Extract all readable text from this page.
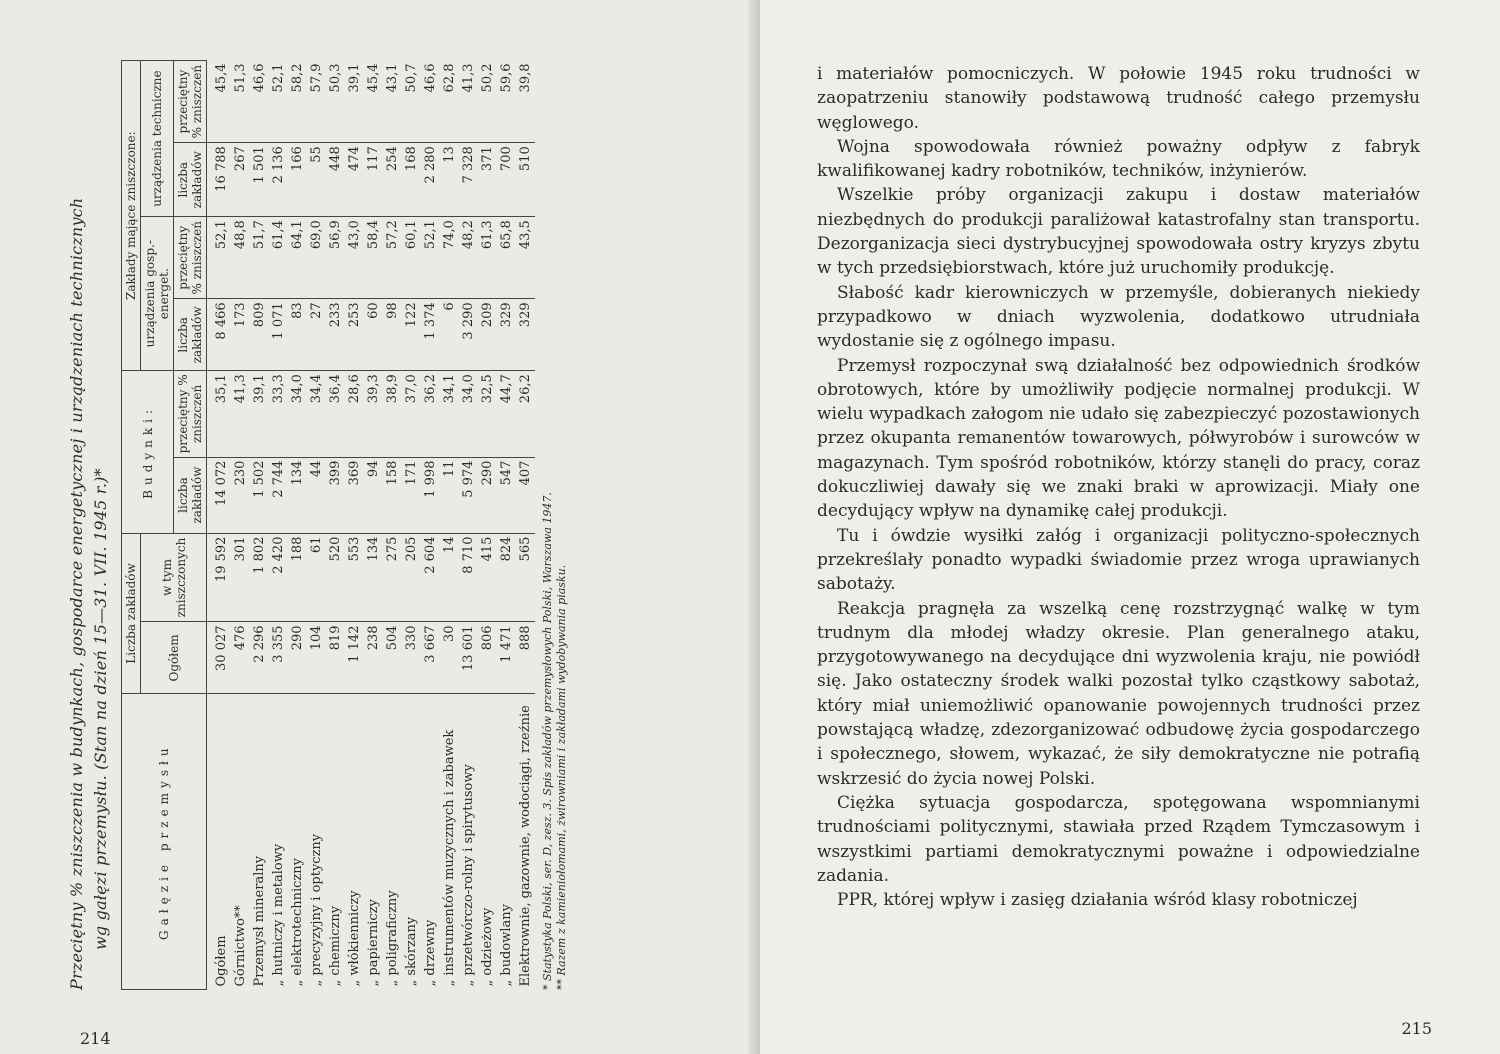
Przeciętny % zniszczenia w budynkach, gospodarce energetycznej i urządzeniach technicznych wg gałęzi przemysłu. (Stan na dzień 15—31. VII. 1945 r.)*	Gałęzie przemysłu	Liczba zakładów		Budynki:		Zakłady mające zniszczone:			
	Ogółem	w tym zniszczonych			urządzenia gosp.-energet.		urządzenia techniczne	
			liczba zakładów	przeciętny % zniszczeń	liczba zakładów	przeciętny % zniszczeń	liczba zakładów	przeciętny % zniszczeń
Ogółem	30 027	19 592	14 072	35,1	8 466	52,1	16 788	45,4
Górnictwo**	476	301	230	41,3	173	48,8	267	51,3
Przemysł mineralny	2 296	1 802	1 502	39,1	809	51,7	1 501	46,6
„ hutniczy i metalowy	3 355	2 420	2 744	33,3	1 071	61,4	2 136	52,1
„ elektrotechniczny	290	188	134	34,0	83	64,1	166	58,2
„ precyzyjny i optyczny	104	61	44	34,4	27	69,0	55	57,9
„ chemiczny	819	520	399	36,4	233	56,9	448	50,3
„ włókienniczy	1 142	553	369	28,6	253	43,0	474	39,1
„ papierniczy	238	134	94	39,3	60	58,4	117	45,4
„ poligraficzny	504	275	158	38,9	98	57,2	254	43,1
„ skórzany	330	205	171	37,0	122	60,1	168	50,7
„ drzewny	3 667	2 604	1 998	36,2	1 374	52,1	2 280	46,6
„ instrumentów muzycznych i zabawek	30	14	11	34,1	6	74,0	13	62,8
„ przetwórczo-rolny i spirytusowy	13 601	8 710	5 974	34,0	3 290	48,2	7 328	41,3
„ odzieżowy	806	415	290	32,5	209	61,3	371	50,2
„ budowlany	1 471	824	547	44,7	329	65,8	700	59,6
Elektrownie, gazownie, wodociągi, rzeźnie	888	565	407	26,2	329	43,5	510	39,8
* Statystyka Polski, ser. D, zesz. 3. Spis zakładów przemysłowych Polski, Warszawa 1947. ** Razem z kamieniołomami, żwirowniami i zakładami wydobywania piasku.
214

i materiałów pomocniczych. W połowie 1945 roku trudności w zaopatrzeniu stanowiły podstawową trudność całego przemysłu węglowego.

Wojna spowodowała również poważny odpływ z fabryk kwalifikowanej kadry robotników, techników, inżynierów.

Wszelkie próby organizacji zakupu i dostaw materiałów niezbędnych do produkcji paraliżował katastrofalny stan transportu. Dezorganizacja sieci dystrybucyjnej spowodowała ostry kryzys zbytu w tych przedsiębiorstwach, które już uruchomiły produkcję.

Słabość kadr kierowniczych w przemyśle, dobieranych niekiedy przypadkowo w dniach wyzwolenia, dodatkowo utrudniała wydostanie się z ogólnego impasu.

Przemysł rozpoczynał swą działalność bez odpowiednich środków obrotowych, które by umożliwiły podjęcie normalnej produkcji. W wielu wypadkach załogom nie udało się zabezpieczyć pozostawionych przez okupanta remanentów towarowych, półwyrobów i surowców w magazynach. Tym spośród robotników, którzy stanęli do pracy, coraz dokuczliwiej dawały się we znaki braki w aprowizacji. Miały one decydujący wpływ na dynamikę całej produkcji.

Tu i ówdzie wysiłki załóg i organizacji polityczno-społecznych przekreślały ponadto wypadki świadomie przez wroga uprawianych sabotaży.

Reakcja pragnęła za wszelką cenę rozstrzygnąć walkę w tym trudnym dla młodej władzy okresie. Plan generalnego ataku, przygotowywanego na decydujące dni wyzwolenia kraju, nie powiódł się. Jako ostateczny środek walki pozostał tylko cząstkowy sabotaż, który miał uniemożliwić opanowanie powojennych trudności przez powstającą władzę, zdezorganizować odbudowę życia gospodarczego i społecznego, słowem, wykazać, że siły demokratyczne nie potrafią wskrzesić do życia nowej Polski.

Ciężka sytuacja gospodarcza, spotęgowana wspomnianymi trudnościami politycznymi, stawiała przed Rządem Tymczasowym i wszystkimi partiami demokratycznymi poważne i odpowiedzialne zadania.

PPR, której wpływ i zasięg działania wśród klasy robotniczej

215
